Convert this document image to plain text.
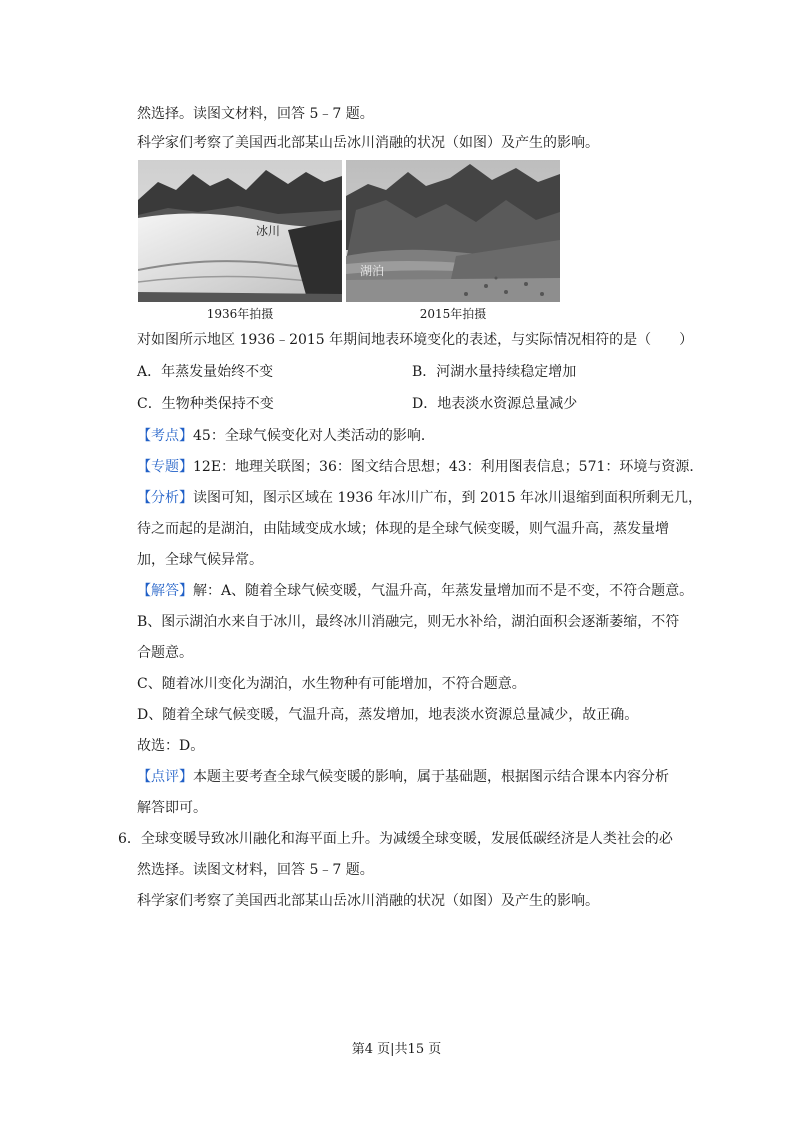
然选择。读图文材料，回答 5﹣7 题。
科学家们考察了美国西北部某山岳冰川消融的状况（如图）及产生的影响。
冰川
1936年拍摄
湖泊
2015年拍摄
对如图所示地区 1936﹣2015 年期间地表环境变化的表述，与实际情况相符的是（　　）
A．年蒸发量始终不变	B．河湖水量持续稳定增加
C．生物种类保持不变	D．地表淡水资源总量减少
【考点】45：全球气候变化对人类活动的影响．
【专题】12E：地理关联图；36：图文结合思想；43：利用图表信息；571：环境与资源．
【分析】读图可知，图示区域在 1936 年冰川广布，到 2015 年冰川退缩到面积所剩无几，
待之而起的是湖泊，由陆域变成水域；体现的是全球气候变暖，则气温升高，蒸发量增
加，全球气候异常。
【解答】解：A、随着全球气候变暖，气温升高，年蒸发量增加而不是不变，不符合题意。
B、图示湖泊水来自于冰川，最终冰川消融完，则无水补给，湖泊面积会逐渐萎缩，不符
合题意。
C、随着冰川变化为湖泊，水生物种有可能增加，不符合题意。
D、随着全球气候变暖，气温升高，蒸发增加，地表淡水资源总量减少，故正确。
故选：D。
【点评】本题主要考查全球气候变暖的影响，属于基础题，根据图示结合课本内容分析
解答即可。
6．全球变暖导致冰川融化和海平面上升。为减缓全球变暖，发展低碳经济是人类社会的必
然选择。读图文材料，回答 5﹣7 题。
科学家们考察了美国西北部某山岳冰川消融的状况（如图）及产生的影响。
第4 页|共15 页
